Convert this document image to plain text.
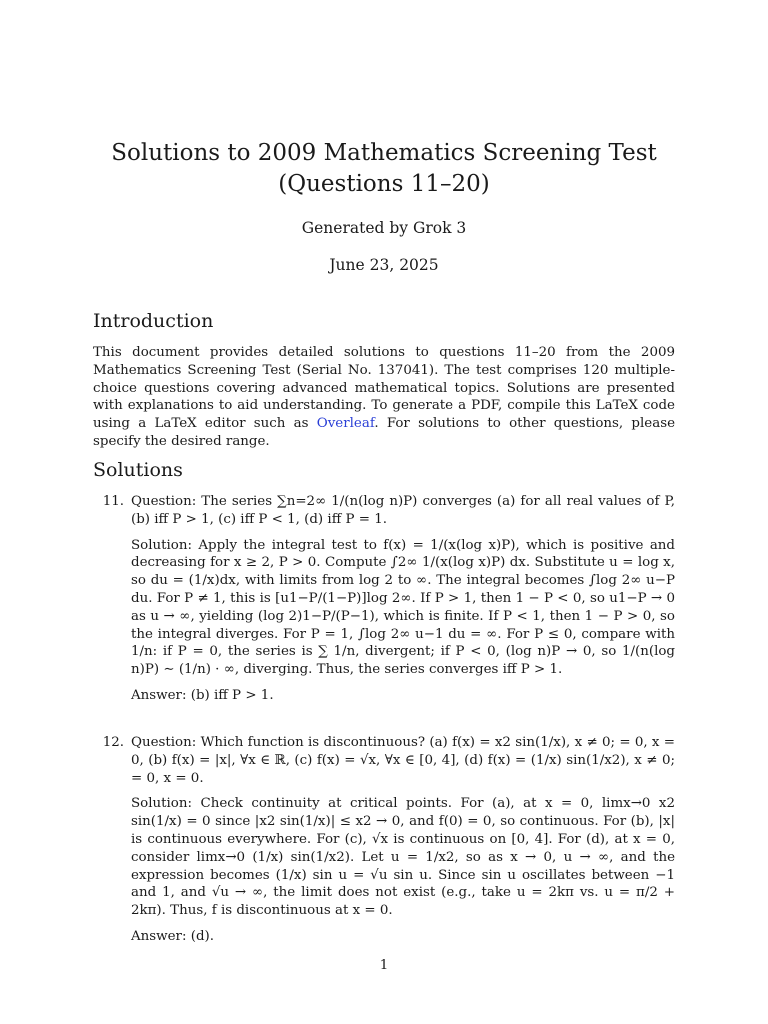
Solutions to 2009 Mathematics Screening Test
(Questions 11–20)
Generated by Grok 3
June 23, 2025
Introduction

This document provides detailed solutions to questions 11–20 from the 2009 Mathematics Screening Test (Serial No. 137041). The test comprises 120 multiple-choice questions covering advanced mathematical topics. Solutions are presented with explanations to aid understanding. To generate a PDF, compile this LaTeX code using a LaTeX editor such as Overleaf. For solutions to other questions, please specify the desired range.

Solutions
11. Question: The series ∑n=2∞ 1/(n(log n)P) converges (a) for all real values of P, (b) iff P > 1, (c) iff P < 1, (d) iff P = 1.

Solution: Apply the integral test to f(x) = 1/(x(log x)P), which is positive and decreasing for x ≥ 2, P > 0. Compute ∫2∞ 1/(x(log x)P) dx. Substitute u = log x, so du = (1/x)dx, with limits from log 2 to ∞. The integral becomes ∫log 2∞ u−P du. For P ≠ 1, this is [u1−P/(1−P)]log 2∞. If P > 1, then 1 − P < 0, so u1−P → 0 as u → ∞, yielding (log 2)1−P/(P−1), which is finite. If P < 1, then 1 − P > 0, so the integral diverges. For P = 1, ∫log 2∞ u−1 du = ∞. For P ≤ 0, compare with 1/n: if P = 0, the series is ∑ 1/n, divergent; if P < 0, (log n)P → 0, so 1/(n(log n)P) ∼ (1/n) · ∞, diverging. Thus, the series converges iff P > 1.

Answer: (b) iff P > 1.

12. Question: Which function is discontinuous? (a) f(x) = x2 sin(1/x), x ≠ 0; = 0, x = 0, (b) f(x) = |x|, ∀x ∈ ℝ, (c) f(x) = √x, ∀x ∈ [0, 4], (d) f(x) = (1/x) sin(1/x2), x ≠ 0; = 0, x = 0.

Solution: Check continuity at critical points. For (a), at x = 0, limx→0 x2 sin(1/x) = 0 since |x2 sin(1/x)| ≤ x2 → 0, and f(0) = 0, so continuous. For (b), |x| is continuous everywhere. For (c), √x is continuous on [0, 4]. For (d), at x = 0, consider limx→0 (1/x) sin(1/x2). Let u = 1/x2, so as x → 0, u → ∞, and the expression becomes (1/x) sin u = √u sin u. Since sin u oscillates between −1 and 1, and √u → ∞, the limit does not exist (e.g., take u = 2kπ vs. u = π/2 + 2kπ). Thus, f is discontinuous at x = 0.

Answer: (d).

1
